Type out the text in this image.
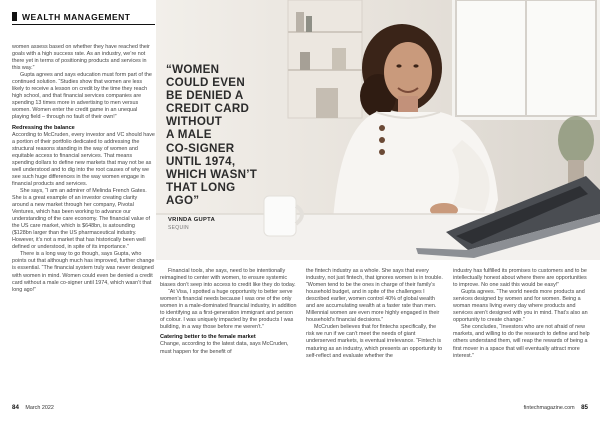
WEALTH MANAGEMENT

women assess based on whether they have reached their goals with a high success rate. As an industry, we’re not there yet in terms of positioning products and services in this way.”

Gupta agrees and says education must form part of the continued solution. “Studies show that women are less likely to receive a lesson on credit by the time they reach high school, and that financial services companies are spending 13 times more in advertising to men versus women. Women enter the credit game in an unequal playing field – through no fault of their own!”

Redressing the balance

According to McCruden, every investor and VC should have a portion of their portfolio dedicated to addressing the structural reasons standing in the way of women and equitable access to financial services. That means spending dollars to define new markets that may not be as well understood and to dig into the root causes of why we see such huge differences in the way women engage in financial products and services.

She says, “I am an admirer of Melinda French Gates. She is a great example of an investor creating clarity around a new market through her company, Pivotal Ventures, which has been working to advance our understanding of the care economy. The financial value of the US care market, which is $648bn, is astounding ($128bn larger than the US pharmaceutical industry. However, it’s not a market that has historically been well defined or understood, in spite of its importance.”

There is a long way to go though, says Gupta, who points out that although much has improved, further change is essential. “The financial system truly was never designed with women in mind. Women could even be denied a credit card without a male co-signer until 1974, which wasn’t that long ago!”

“WOMEN
COULD EVEN
BE DENIED A
CREDIT CARD
WITHOUT
A MALE
CO-SIGNER
UNTIL 1974,
WHICH WASN’T
THAT LONG
AGO”
VRINDA GUPTA
SEQUIN

Financial tools, she says, need to be intentionally reimagined to center with women, to ensure systemic biases don’t seep into access to credit like they do today.

“At Visa, I spotted a huge opportunity to better serve women’s financial needs because I was one of the only women in a male-dominated financial industry, in addition to identifying as a first-generation immigrant and person of colour. I was uniquely impacted by the products I was building, in a way those before me weren’t.”

Catering better to the female market

Change, according to the latest data, says McCruden, must happen for the benefit of

the fintech industry as a whole. She says that every industry, not just fintech, that ignores women is in trouble. “Women tend to be the ones in charge of their family’s household budget, and in spite of the challenges I described earlier, women control 40% of global wealth and are accumulating wealth at a faster rate than men. Millennial women are even more highly engaged in their household’s financial decisions.”

McCruden believes that for fintechs specifically, the risk we run if we can’t meet the needs of giant underserved markets, is eventual irrelevance. “Fintech is maturing as an industry, which presents an opportunity to self-reflect and evaluate whether the

industry has fulfilled its promises to customers and to be intellectually honest about where there are opportunities to improve. No one said this would be easy!”

Gupta agrees. “The world needs more products and services designed by women and for women. Being a woman means living every day where products and services aren’t designed with you in mind. That’s also an opportunity to create change.”

She concludes, “Investors who are not afraid of new markets, and willing to do the research to define and help others understand them, will reap the rewards of being a first mover in a space that will eventually attract more interest.”

84 March 2022	fintechmagazine.com 85
